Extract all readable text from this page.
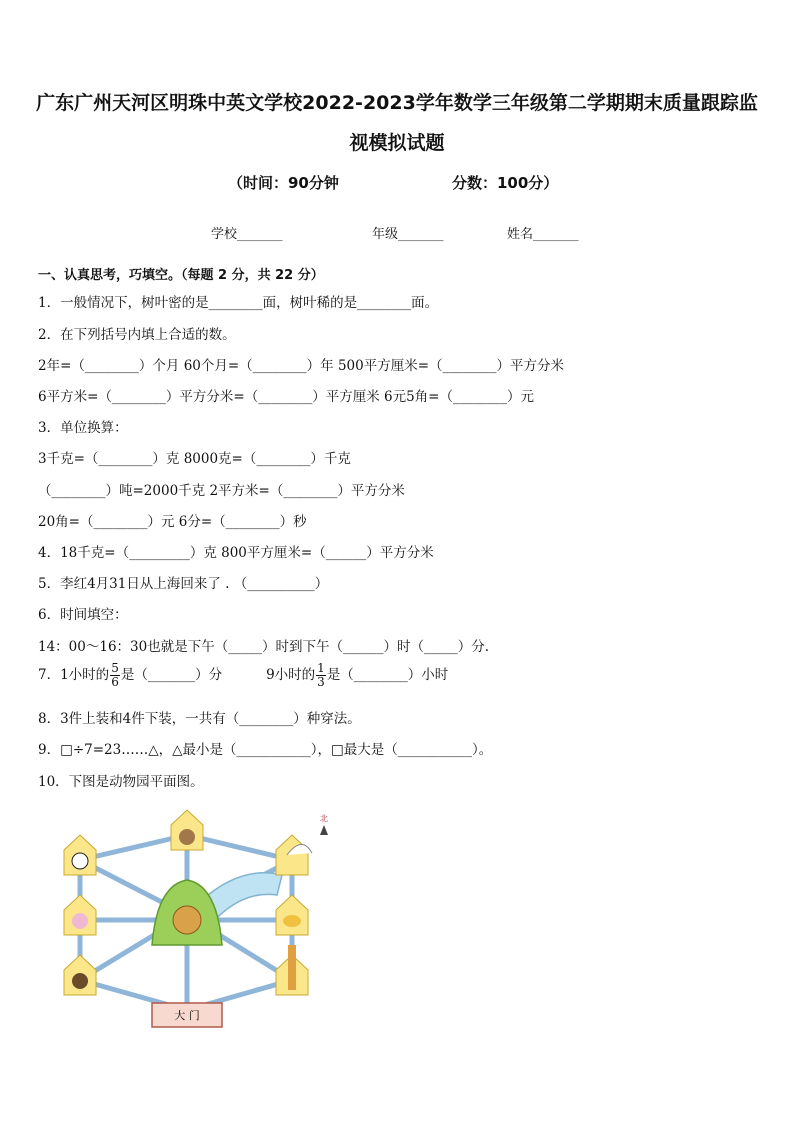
广东广州天河区明珠中英文学校2022-2023学年数学三年级第二学期期末质量跟踪监
视模拟试题
（时间：90分钟	分数：100分）
学校_______	年级_______	姓名_______
一、认真思考，巧填空。（每题 2 分，共 22 分）
1．一般情况下，树叶密的是________面，树叶稀的是________面。
2．在下列括号内填上合适的数。
2年=（________）个月 60个月=（________）年 500平方厘米=（________）平方分米
6平方米=（________）平方分米=（________）平方厘米 6元5角=（________）元
3．单位换算：
3千克=（________）克 8000克=（________）千克
（________）吨=2000千克 2平方米=（________）平方分米
20角=（________）元 6分=（________）秒
4．18千克=（_________）克 800平方厘米=（______）平方分米
5．李红4月31日从上海回来了 . （__________）
6．时间填空：
14：00～16：30也就是下午（_____）时到下午（______）时（_____）分.
7．1小时的 $\frac{5}{6}$ 是（_______）分	9小时的 $\frac{1}{3}$ 是（________）小时
8．3件上装和4件下装，一共有（________）种穿法。
9．□÷7=23……△，△最小是（___________），□最大是（___________）。
10．下图是动物园平面图。
大 门
北
